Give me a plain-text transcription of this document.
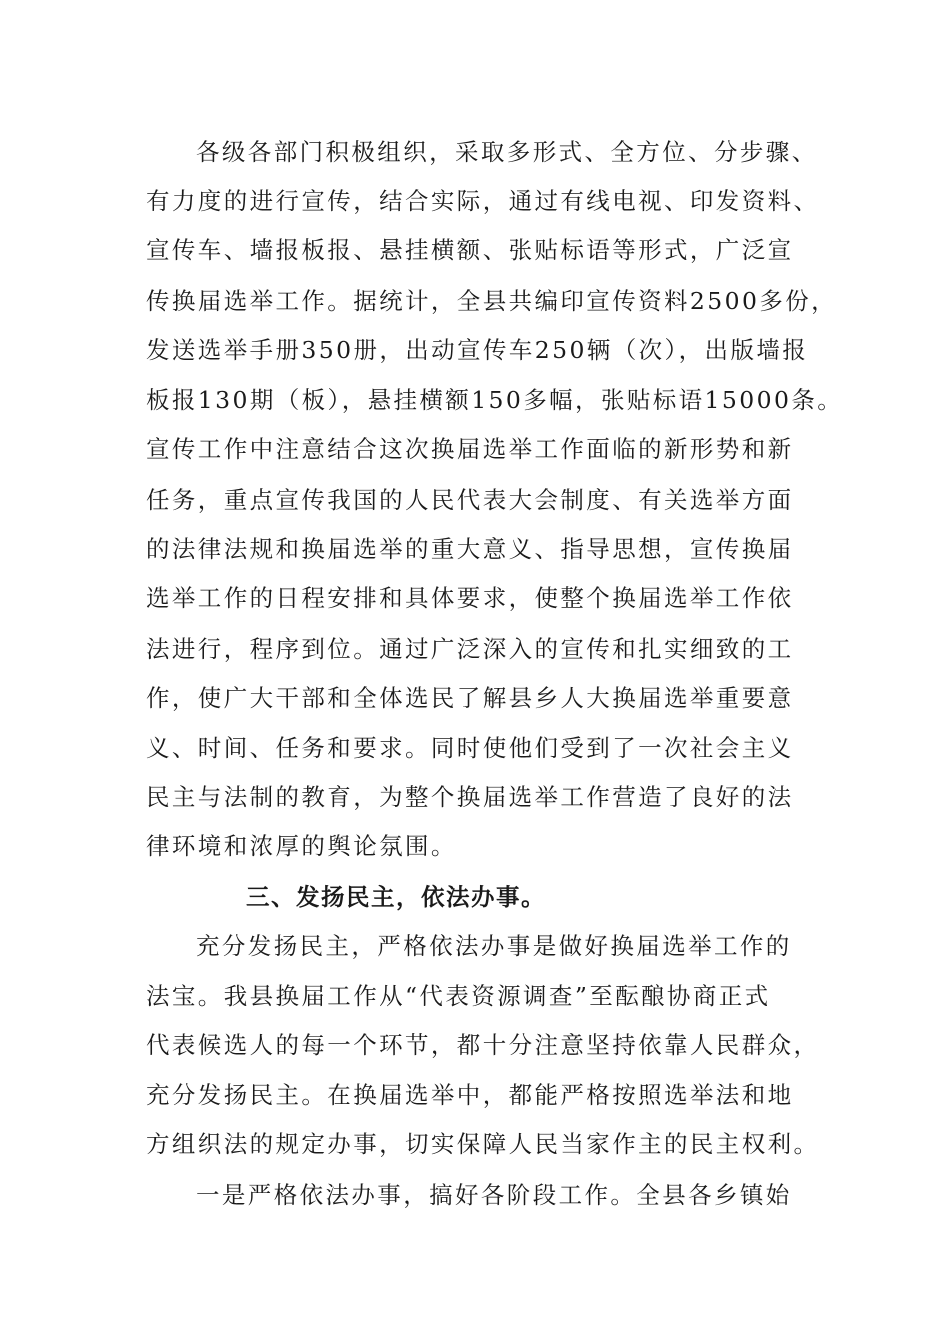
各级各部门积极组织，采取多形式、全方位、分步骤、
有力度的进行宣传，结合实际，通过有线电视、印发资料、
宣传车、墙报板报、悬挂横额、张贴标语等形式，广泛宣
传换届选举工作。据统计，全县共编印宣传资料2500多份，
发送选举手册350册，出动宣传车250辆（次），出版墙报
板报130期（板），悬挂横额150多幅，张贴标语15000条。
宣传工作中注意结合这次换届选举工作面临的新形势和新
任务，重点宣传我国的人民代表大会制度、有关选举方面
的法律法规和换届选举的重大意义、指导思想，宣传换届
选举工作的日程安排和具体要求，使整个换届选举工作依
法进行，程序到位。通过广泛深入的宣传和扎实细致的工
作，使广大干部和全体选民了解县乡人大换届选举重要意
义、时间、任务和要求。同时使他们受到了一次社会主义
民主与法制的教育，为整个换届选举工作营造了良好的法
律环境和浓厚的舆论氛围。
三、发扬民主，依法办事。
充分发扬民主，严格依法办事是做好换届选举工作的
法宝。我县换届工作从“代表资源调查”至酝酿协商正式
代表候选人的每一个环节，都十分注意坚持依靠人民群众，
充分发扬民主。在换届选举中，都能严格按照选举法和地
方组织法的规定办事，切实保障人民当家作主的民主权利。
一是严格依法办事，搞好各阶段工作。全县各乡镇始
